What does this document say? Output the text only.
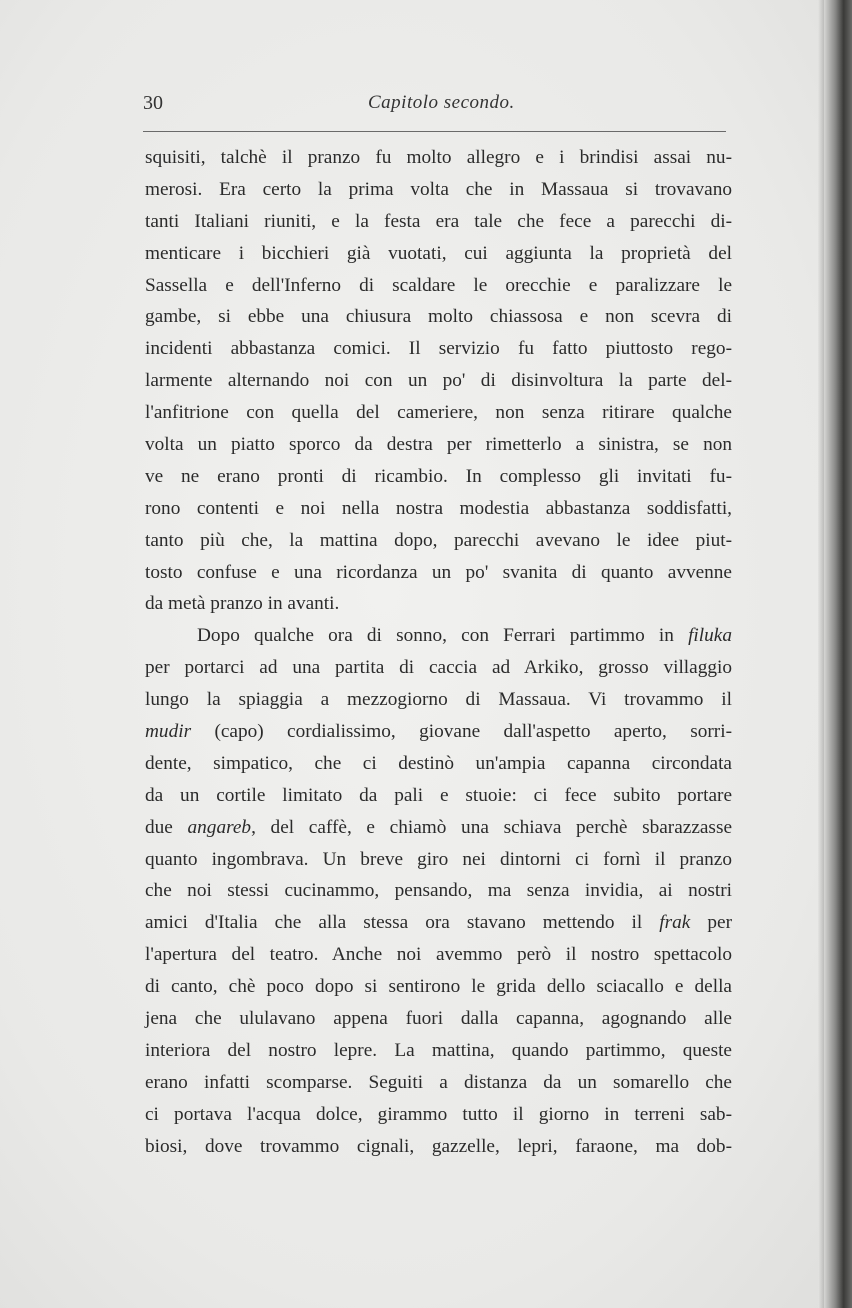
30	Capitolo secondo.
squisiti, talchè il pranzo fu molto allegro e i brindisi assai nu-
merosi. Era certo la prima volta che in Massaua si trovavano
tanti Italiani riuniti, e la festa era tale che fece a parecchi di-
menticare i bicchieri già vuotati, cui aggiunta la proprietà del
Sassella e dell'Inferno di scaldare le orecchie e paralizzare le
gambe, si ebbe una chiusura molto chiassosa e non scevra di
incidenti abbastanza comici. Il servizio fu fatto piuttosto rego-
larmente alternando noi con un po' di disinvoltura la parte del-
l'anfitrione con quella del cameriere, non senza ritirare qualche
volta un piatto sporco da destra per rimetterlo a sinistra, se non
ve ne erano pronti di ricambio. In complesso gli invitati fu-
rono contenti e noi nella nostra modestia abbastanza soddisfatti,
tanto più che, la mattina dopo, parecchi avevano le idee piut-
tosto confuse e una ricordanza un po' svanita di quanto avvenne
da metà pranzo in avanti.
Dopo qualche ora di sonno, con Ferrari partimmo in filuka
per portarci ad una partita di caccia ad Arkiko, grosso villaggio
lungo la spiaggia a mezzogiorno di Massaua. Vi trovammo il
mudir (capo) cordialissimo, giovane dall'aspetto aperto, sorri-
dente, simpatico, che ci destinò un'ampia capanna circondata
da un cortile limitato da pali e stuoie: ci fece subito portare
due angareb, del caffè, e chiamò una schiava perchè sbarazzasse
quanto ingombrava. Un breve giro nei dintorni ci fornì il pranzo
che noi stessi cucinammo, pensando, ma senza invidia, ai nostri
amici d'Italia che alla stessa ora stavano mettendo il frak per
l'apertura del teatro. Anche noi avemmo però il nostro spettacolo
di canto, chè poco dopo si sentirono le grida dello sciacallo e della
jena che ululavano appena fuori dalla capanna, agognando alle
interiora del nostro lepre. La mattina, quando partimmo, queste
erano infatti scomparse. Seguiti a distanza da un somarello che
ci portava l'acqua dolce, girammo tutto il giorno in terreni sab-
biosi, dove trovammo cignali, gazzelle, lepri, faraone, ma dob-
